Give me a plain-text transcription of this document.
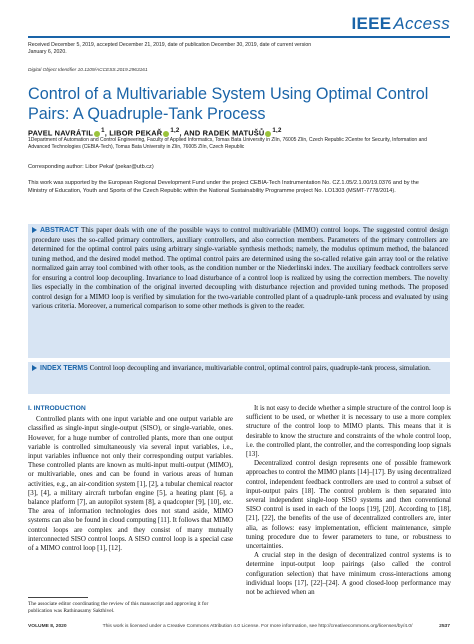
IEEE Access
Received December 5, 2019, accepted December 21, 2019, date of publication December 30, 2019, date of current version January 6, 2020.
Digital Object Identifier 10.1109/ACCESS.2019.2963161
Control of a Multivariable System Using Optimal Control Pairs: A Quadruple-Tank Process
PAVEL NAVRÁTIL $^1$, LIBOR PEKAŘ $^{1,2}$, AND RADEK MATUŠŮ $^{1,2}$
1Department of Automation and Control Engineering, Faculty of Applied Informatics, Tomas Bata University in Zlín, 76005 Zlín, Czech Republic 2Centre for Security, Information and Advanced Technologies (CEBIA-Tech), Tomas Bata University in Zlín, 76005 Zlín, Czech Republic
Corresponding author: Libor Pekař (pekar@utb.cz)
This work was supported by the European Regional Development Fund under the project CEBIA-Tech Instrumentation No. CZ.1.05/2.1.00/19.0376 and by the Ministry of Education, Youth and Sports of the Czech Republic within the National Sustainability Programme project No. LO1303 (MSMT-7778/2014).
ABSTRACT This paper deals with one of the possible ways to control multivariable (MIMO) control loops. The suggested control design procedure uses the so-called primary controllers, auxiliary controllers, and also correction members. Parameters of the primary controllers are determined for the optimal control pairs using arbitrary single-variable synthesis methods; namely, the modulus optimum method, the balanced tuning method, and the desired model method. The optimal control pairs are determined using the so-called relative gain array tool or the relative normalized gain array tool combined with other tools, as the condition number or the Niederlinski index. The auxiliary feedback controllers serve for ensuring a control loop decoupling. Invariance to load disturbance of a control loop is realized by using the correction members. The novelty lies especially in the combination of the original inverted decoupling with disturbance rejection and provided tuning methods. The proposed control design for a MIMO loop is verified by simulation for the two-variable controlled plant of a quadruple-tank process and evaluated by using various criteria. Moreover, a numerical comparison to some other methods is given to the reader.
INDEX TERMS Control loop decoupling and invariance, multivariable control, optimal control pairs, quadruple-tank process, simulation.
I. INTRODUCTION

Controlled plants with one input variable and one output variable are classified as single-input single-output (SISO), or single-variable, ones. However, for a huge number of controlled plants, more than one output variable is controlled simultaneously via several input variables, i.e., input variables influence not only their corresponding output variables. These controlled plants are known as multi-input multi-output (MIMO), or multivariable, ones and can be found in various areas of human activities, e.g., an air-condition system [1], [2], a tubular chemical reactor [3], [4], a military aircraft turbofan engine [5], a heating plant [6], a balance platform [7], an autopilot system [8], a quadcopter [9], [10], etc. The area of information technologies does not stand aside, MIMO systems can also be found in cloud computing [11]. It follows that MIMO control loops are complex and they consist of many mutually interconnected SISO control loops. A SISO control loop is a special case of a MIMO control loop [1], [12].

It is not easy to decide whether a simple structure of the control loop is sufficient to be used, or whether it is necessary to use a more complex structure of the control loop to MIMO plants. This means that it is desirable to know the structure and constraints of the whole control loop, i.e. the controlled plant, the controller, and the corresponding loop signals [13].

Decentralized control design represents one of possible framework approaches to control the MIMO plants [14]–[17]. By using decentralized control, independent feedback controllers are used to control a subset of input-output pairs [18]. The control problem is then separated into several independent single-loop SISO systems and then conventional SISO control is used in each of the loops [19], [20]. According to [18], [21], [22], the benefits of the use of decentralized controllers are, inter alia, as follows: easy implementation, efficient maintenance, simple tuning procedure due to fewer parameters to tune, or robustness to uncertainties.

A crucial step in the design of decentralized control systems is to determine input-output loop pairings (also called the control configuration selection) that have minimum cross-interactions among individual loops [17], [22]–[24]. A good closed-loop performance may not be achieved when an

The associate editor coordinating the review of this manuscript and approving it for publication was Rathinasamy Sakthivel.
VOLUME 8, 2020	This work is licensed under a Creative Commons Attribution 4.0 License. For more information, see http://creativecommons.org/licenses/by/4.0/	2537
